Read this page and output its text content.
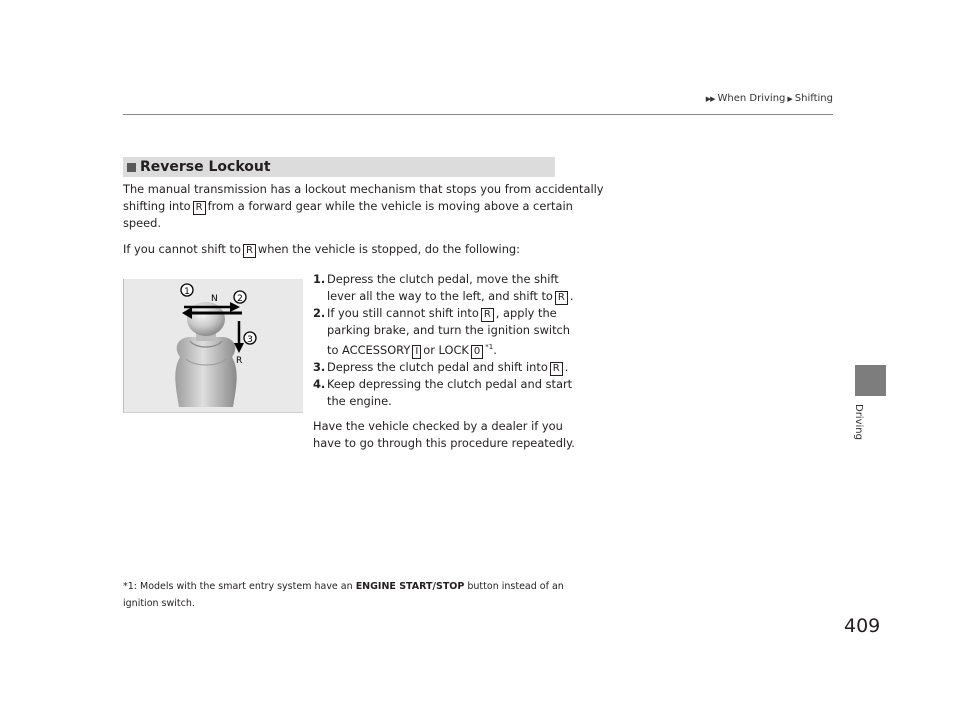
▶▶ When Driving ▶ Shifting
Driving
Reverse Lockout
The manual transmission has a lockout mechanism that stops you from accidentally
shifting into R from a forward gear while the vehicle is moving above a certain
speed.
If you cannot shift to R when the vehicle is stopped, do the following:
N
R
1
2
3
1. Depress the clutch pedal, move the shift
lever all the way to the left, and shift to R .
2. If you still cannot shift into R , apply the
parking brake, and turn the ignition switch
to ACCESSORY I or LOCK 0 $^{*1}$.
3. Depress the clutch pedal and shift into R .
4. Keep depressing the clutch pedal and start
the engine.
Have the vehicle checked by a dealer if you
have to go through this procedure repeatedly.
*1: Models with the smart entry system have an ENGINE START/STOP button instead of an
ignition switch.
409
